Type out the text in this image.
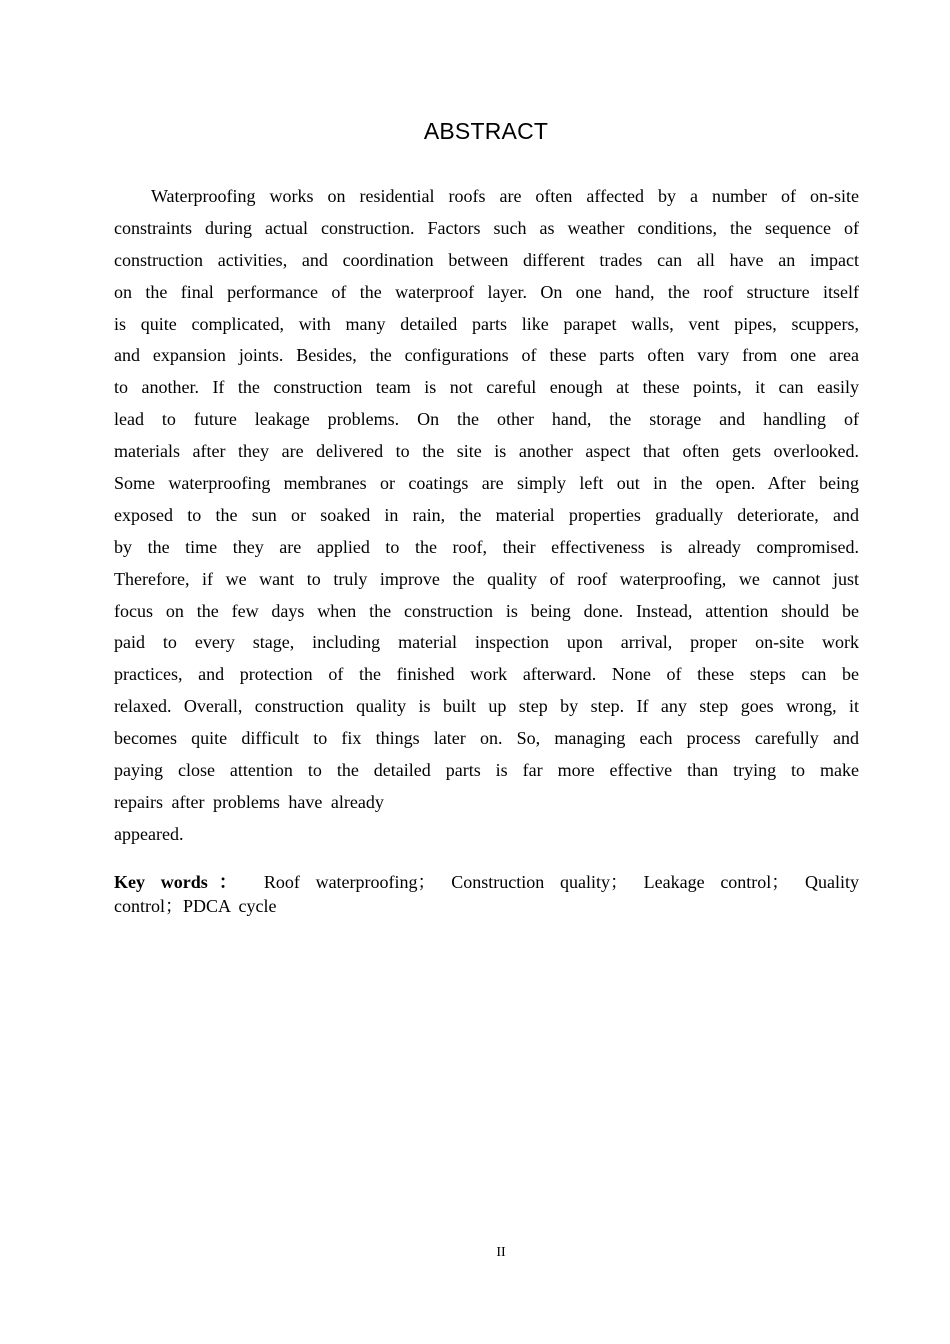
ABSTRACT
Waterproofing works on residential roofs are often affected by a number of on-site
constraints during actual construction. Factors such as weather conditions, the sequence of
construction activities, and coordination between different trades can all have an impact
on the final performance of the waterproof layer. On one hand, the roof structure itself
is quite complicated, with many detailed parts like parapet walls, vent pipes, scuppers,
and expansion joints. Besides, the configurations of these parts often vary from one area
to another. If the construction team is not careful enough at these points, it can easily
lead to future leakage problems. On the other hand, the storage and handling of
materials after they are delivered to the site is another aspect that often gets overlooked.
Some waterproofing membranes or coatings are simply left out in the open. After being
exposed to the sun or soaked in rain, the material properties gradually deteriorate, and
by the time they are applied to the roof, their effectiveness is already compromised.
Therefore, if we want to truly improve the quality of roof waterproofing, we cannot just
focus on the few days when the construction is being done. Instead, attention should be
paid to every stage, including material inspection upon arrival, proper on-site work
practices, and protection of the finished work afterward. None of these steps can be
relaxed. Overall, construction quality is built up step by step. If any step goes wrong, it
becomes quite difficult to fix things later on. So, managing each process carefully and
paying close attention to the detailed parts is far more effective than trying to make
repairs after problems have already
appeared.
Key words： Roof waterproofing； Construction quality； Leakage control； Quality
control；PDCA cycle
II
